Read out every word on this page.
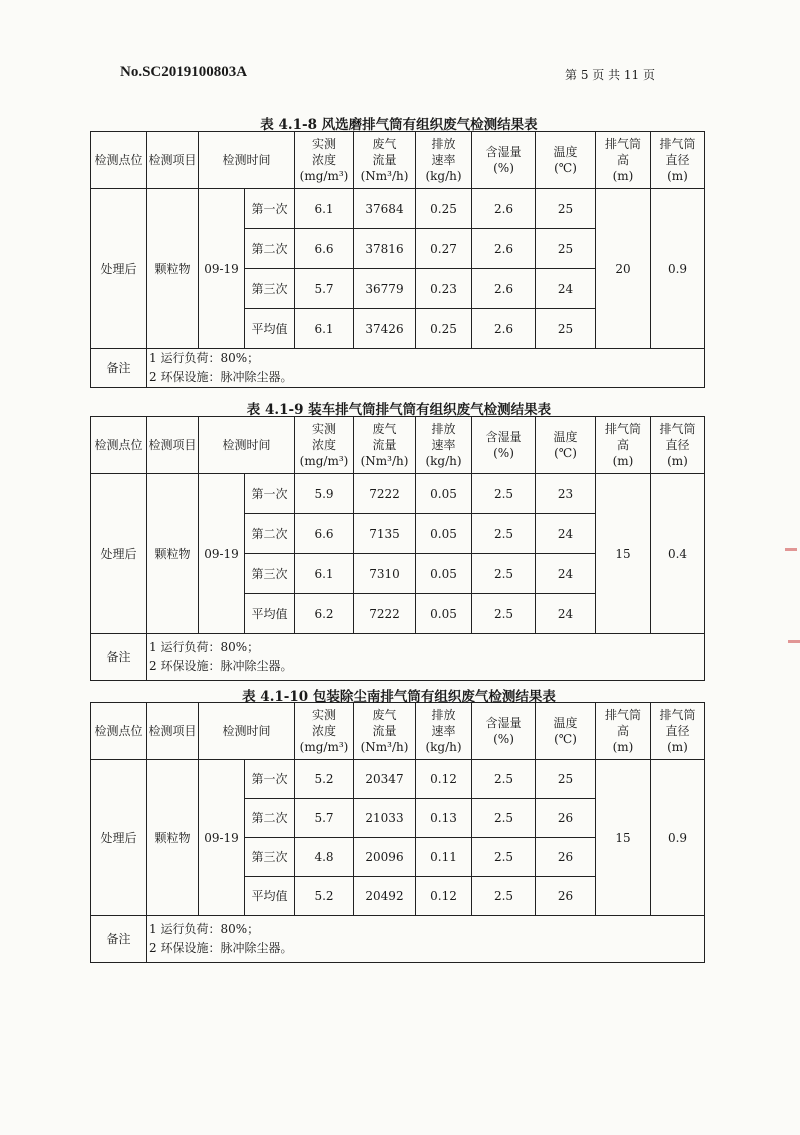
No.SC2019100803A	第 5 页 共 11 页
表 4.1-8 风选磨排气筒有组织废气检测结果表
检测点位	检测项目	检测时间		实测
浓度
(mg/m³)	废气
流量
(Nm³/h)	排放
速率
(kg/h)	含湿量
(%)	温度
(℃)	排气筒
高
(m)	排气筒
直径
(m)
处理后	颗粒物	09-19	第一次	6.1	37684	0.25	2.6	25	20	0.9
			第二次	6.6	37816	0.27	2.6	25		
			第三次	5.7	36779	0.23	2.6	24		
			平均值	6.1	37426	0.25	2.6	25		
备注	1 运行负荷：80%；
2 环保设施：脉冲除尘器。									
表 4.1-9 装车排气筒排气筒有组织废气检测结果表
检测点位	检测项目	检测时间		实测
浓度
(mg/m³)	废气
流量
(Nm³/h)	排放
速率
(kg/h)	含湿量
(%)	温度
(℃)	排气筒
高
(m)	排气筒
直径
(m)
处理后	颗粒物	09-19	第一次	5.9	7222	0.05	2.5	23	15	0.4
			第二次	6.6	7135	0.05	2.5	24		
			第三次	6.1	7310	0.05	2.5	24		
			平均值	6.2	7222	0.05	2.5	24		
备注	1 运行负荷：80%；
2 环保设施：脉冲除尘器。									
表 4.1-10 包装除尘南排气筒有组织废气检测结果表
检测点位	检测项目	检测时间		实测
浓度
(mg/m³)	废气
流量
(Nm³/h)	排放
速率
(kg/h)	含湿量
(%)	温度
(℃)	排气筒
高
(m)	排气筒
直径
(m)
处理后	颗粒物	09-19	第一次	5.2	20347	0.12	2.5	25	15	0.9
			第二次	5.7	21033	0.13	2.5	26		
			第三次	4.8	20096	0.11	2.5	26		
			平均值	5.2	20492	0.12	2.5	26		
备注	1 运行负荷：80%；
2 环保设施：脉冲除尘器。									
